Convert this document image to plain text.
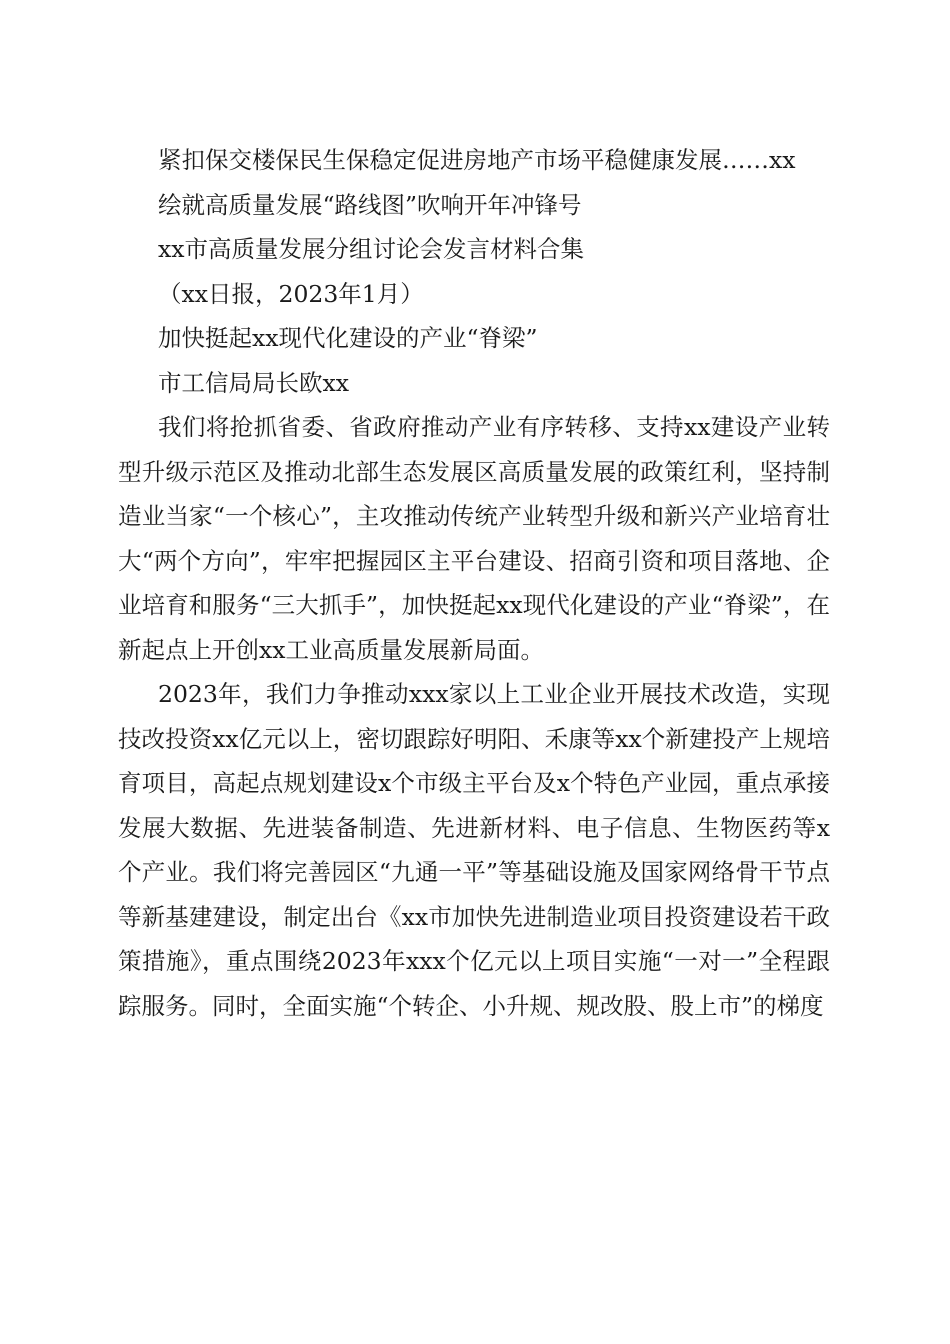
紧扣保交楼保民生保稳定促进房地产市场平稳健康发展……xx

绘就高质量发展“路线图”吹响开年冲锋号

xx市高质量发展分组讨论会发言材料合集

（xx日报，2023年1月）

加快挺起xx现代化建设的产业“脊梁”

市工信局局长欧xx

我们将抢抓省委、省政府推动产业有序转移、支持xx建设产业转型升级示范区及推动北部生态发展区高质量发展的政策红利，坚持制造业当家“一个核心”，主攻推动传统产业转型升级和新兴产业培育壮大“两个方向”，牢牢把握园区主平台建设、招商引资和项目落地、企业培育和服务“三大抓手”，加快挺起xx现代化建设的产业“脊梁”，在新起点上开创xx工业高质量发展新局面。

2023年，我们力争推动xxx家以上工业企业开展技术改造，实现技改投资xx亿元以上，密切跟踪好明阳、禾康等xx个新建投产上规培育项目，高起点规划建设x个市级主平台及x个特色产业园，重点承接发展大数据、先进装备制造、先进新材料、电子信息、生物医药等x个产业。我们将完善园区“九通一平”等基础设施及国家网络骨干节点等新基建建设，制定出台《xx市加快先进制造业项目投资建设若干政策措施》，重点围绕2023年xxx个亿元以上项目实施“一对一”全程跟踪服务。同时，全面实施“个转企、小升规、规改股、股上市”的梯度
